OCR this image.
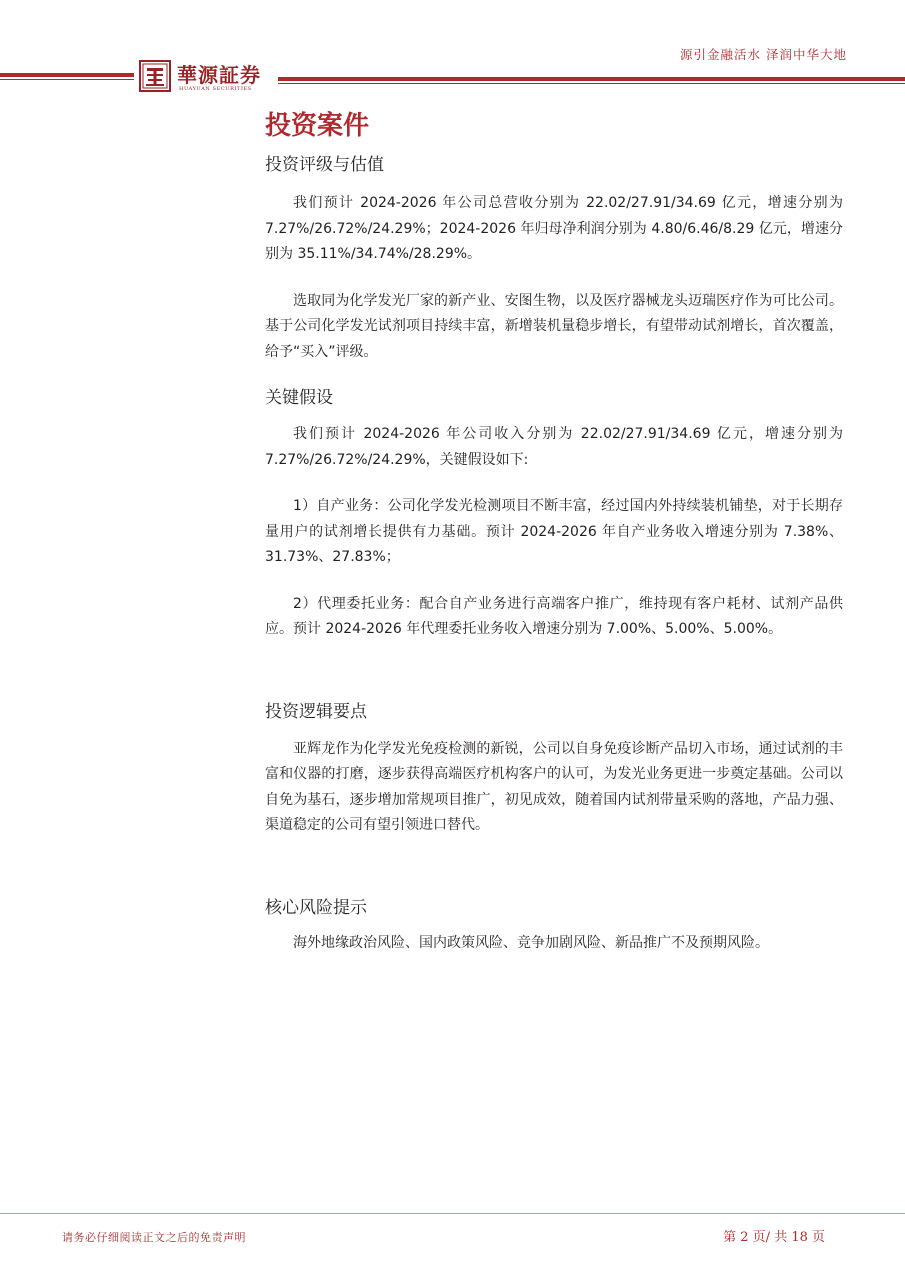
源引金融活水 泽润中华大地
華源証券
HUAYUAN SECURITIES
投资案件
投资评级与估值

我们预计 2024-2026 年公司总营收分别为 22.02/27.91/34.69 亿元，增速分别为 7.27%/26.72%/24.29%；2024-2026 年归母净利润分别为 4.80/6.46/8.29 亿元，增速分别为 35.11%/34.74%/28.29%。

选取同为化学发光厂家的新产业、安图生物，以及医疗器械龙头迈瑞医疗作为可比公司。基于公司化学发光试剂项目持续丰富，新增装机量稳步增长，有望带动试剂增长，首次覆盖，给予“买入”评级。

关键假设

我们预计 2024-2026 年公司收入分别为 22.02/27.91/34.69 亿元，增速分别为 7.27%/26.72%/24.29%，关键假设如下:

1）自产业务：公司化学发光检测项目不断丰富，经过国内外持续装机铺垫，对于长期存量用户的试剂增长提供有力基础。预计 2024-2026 年自产业务收入增速分别为 7.38%、31.73%、27.83%；

2）代理委托业务：配合自产业务进行高端客户推广，维持现有客户耗材、试剂产品供应。预计 2024-2026 年代理委托业务收入增速分别为 7.00%、5.00%、5.00%。

投资逻辑要点

亚辉龙作为化学发光免疫检测的新锐，公司以自身免疫诊断产品切入市场，通过试剂的丰富和仪器的打磨，逐步获得高端医疗机构客户的认可，为发光业务更进一步奠定基础。公司以自免为基石，逐步增加常规项目推广，初见成效，随着国内试剂带量采购的落地，产品力强、渠道稳定的公司有望引领进口替代。

核心风险提示

海外地缘政治风险、国内政策风险、竞争加剧风险、新品推广不及预期风险。

请务必仔细阅读正文之后的免责声明	第 2 页/ 共 18 页
